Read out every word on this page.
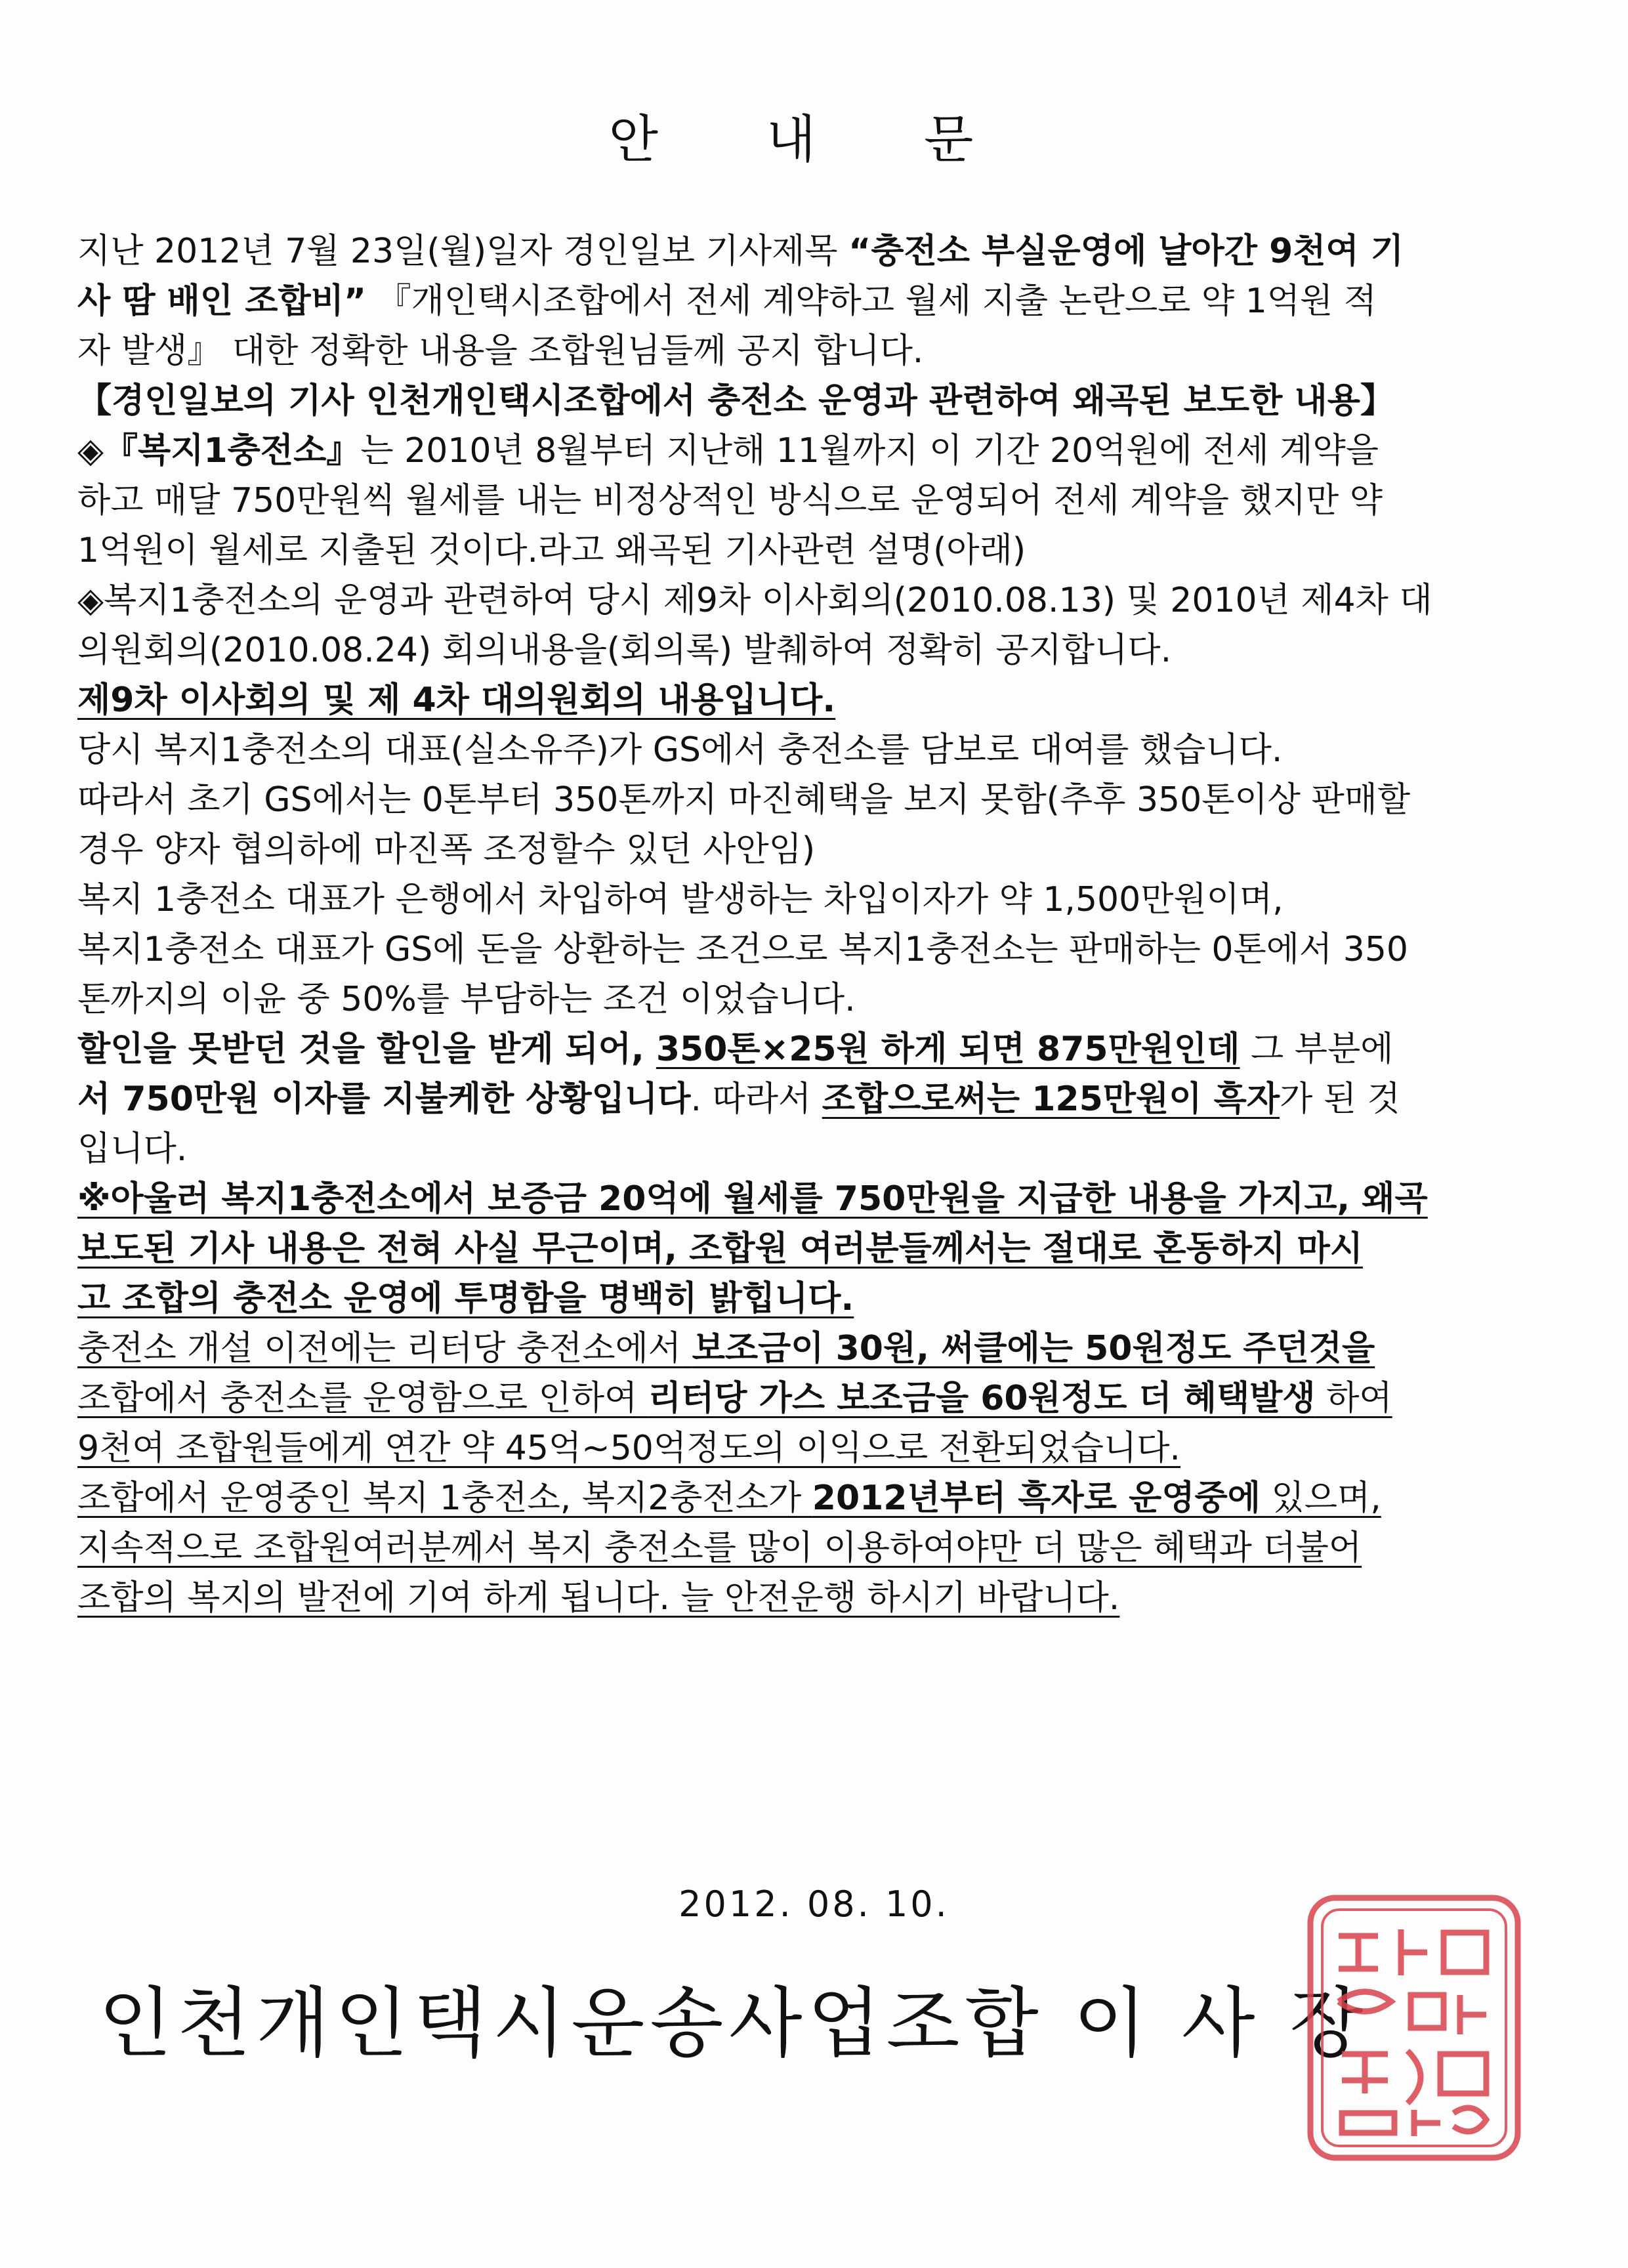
안 내 문
지난 2012년 7월 23일(월)일자 경인일보 기사제목 “충전소 부실운영에 날아간 9천여 기
사 땀 배인 조합비” 『개인택시조합에서 전세 계약하고 월세 지출 논란으로 약 1억원 적
자 발생』 대한 정확한 내용을 조합원님들께 공지 합니다.
【경인일보의 기사 인천개인택시조합에서 충전소 운영과 관련하여 왜곡된 보도한 내용】
◈『복지1충전소』는 2010년 8월부터 지난해 11월까지 이 기간 20억원에 전세 계약을
하고 매달 750만원씩 월세를 내는 비정상적인 방식으로 운영되어 전세 계약을 했지만 약
1억원이 월세로 지출된 것이다.라고 왜곡된 기사관련 설명(아래)
◈복지1충전소의 운영과 관련하여 당시 제9차 이사회의(2010.08.13) 및 2010년 제4차 대
의원회의(2010.08.24) 회의내용을(회의록) 발췌하여 정확히 공지합니다.
제9차 이사회의 및 제 4차 대의원회의 내용입니다.
당시 복지1충전소의 대표(실소유주)가 GS에서 충전소를 담보로 대여를 했습니다.
따라서 초기 GS에서는 0톤부터 350톤까지 마진혜택을 보지 못함(추후 350톤이상 판매할
경우 양자 협의하에 마진폭 조정할수 있던 사안임)
복지 1충전소 대표가 은행에서 차입하여 발생하는 차입이자가 약 1,500만원이며,
복지1충전소 대표가 GS에 돈을 상환하는 조건으로 복지1충전소는 판매하는 0톤에서 350
톤까지의 이윤 중 50%를 부담하는 조건 이었습니다.
할인을 못받던 것을 할인을 받게 되어, 350톤×25원 하게 되면 875만원인데 그 부분에
서 750만원 이자를 지불케한 상황입니다. 따라서 조합으로써는 125만원이 흑자가 된 것
입니다.
※아울러 복지1충전소에서 보증금 20억에 월세를 750만원을 지급한 내용을 가지고, 왜곡
보도된 기사 내용은 전혀 사실 무근이며, 조합원 여러분들께서는 절대로 혼동하지 마시
고 조합의 충전소 운영에 투명함을 명백히 밝힙니다.
충전소 개설 이전에는 리터당 충전소에서 보조금이 30원, 써클에는 50원정도 주던것을
조합에서 충전소를 운영함으로 인하여 리터당 가스 보조금을 60원정도 더 혜택발생 하여
9천여 조합원들에게 연간 약 45억~50억정도의 이익으로 전환되었습니다.
조합에서 운영중인 복지 1충전소, 복지2충전소가 2012년부터 흑자로 운영중에 있으며,
지속적으로 조합원여러분께서 복지 충전소를 많이 이용하여야만 더 많은 혜택과 더불어
조합의 복지의 발전에 기여 하게 됩니다. 늘 안전운행 하시기 바랍니다.
2012. 08. 10.
인천개인택시운송사업조합 이 사 장
